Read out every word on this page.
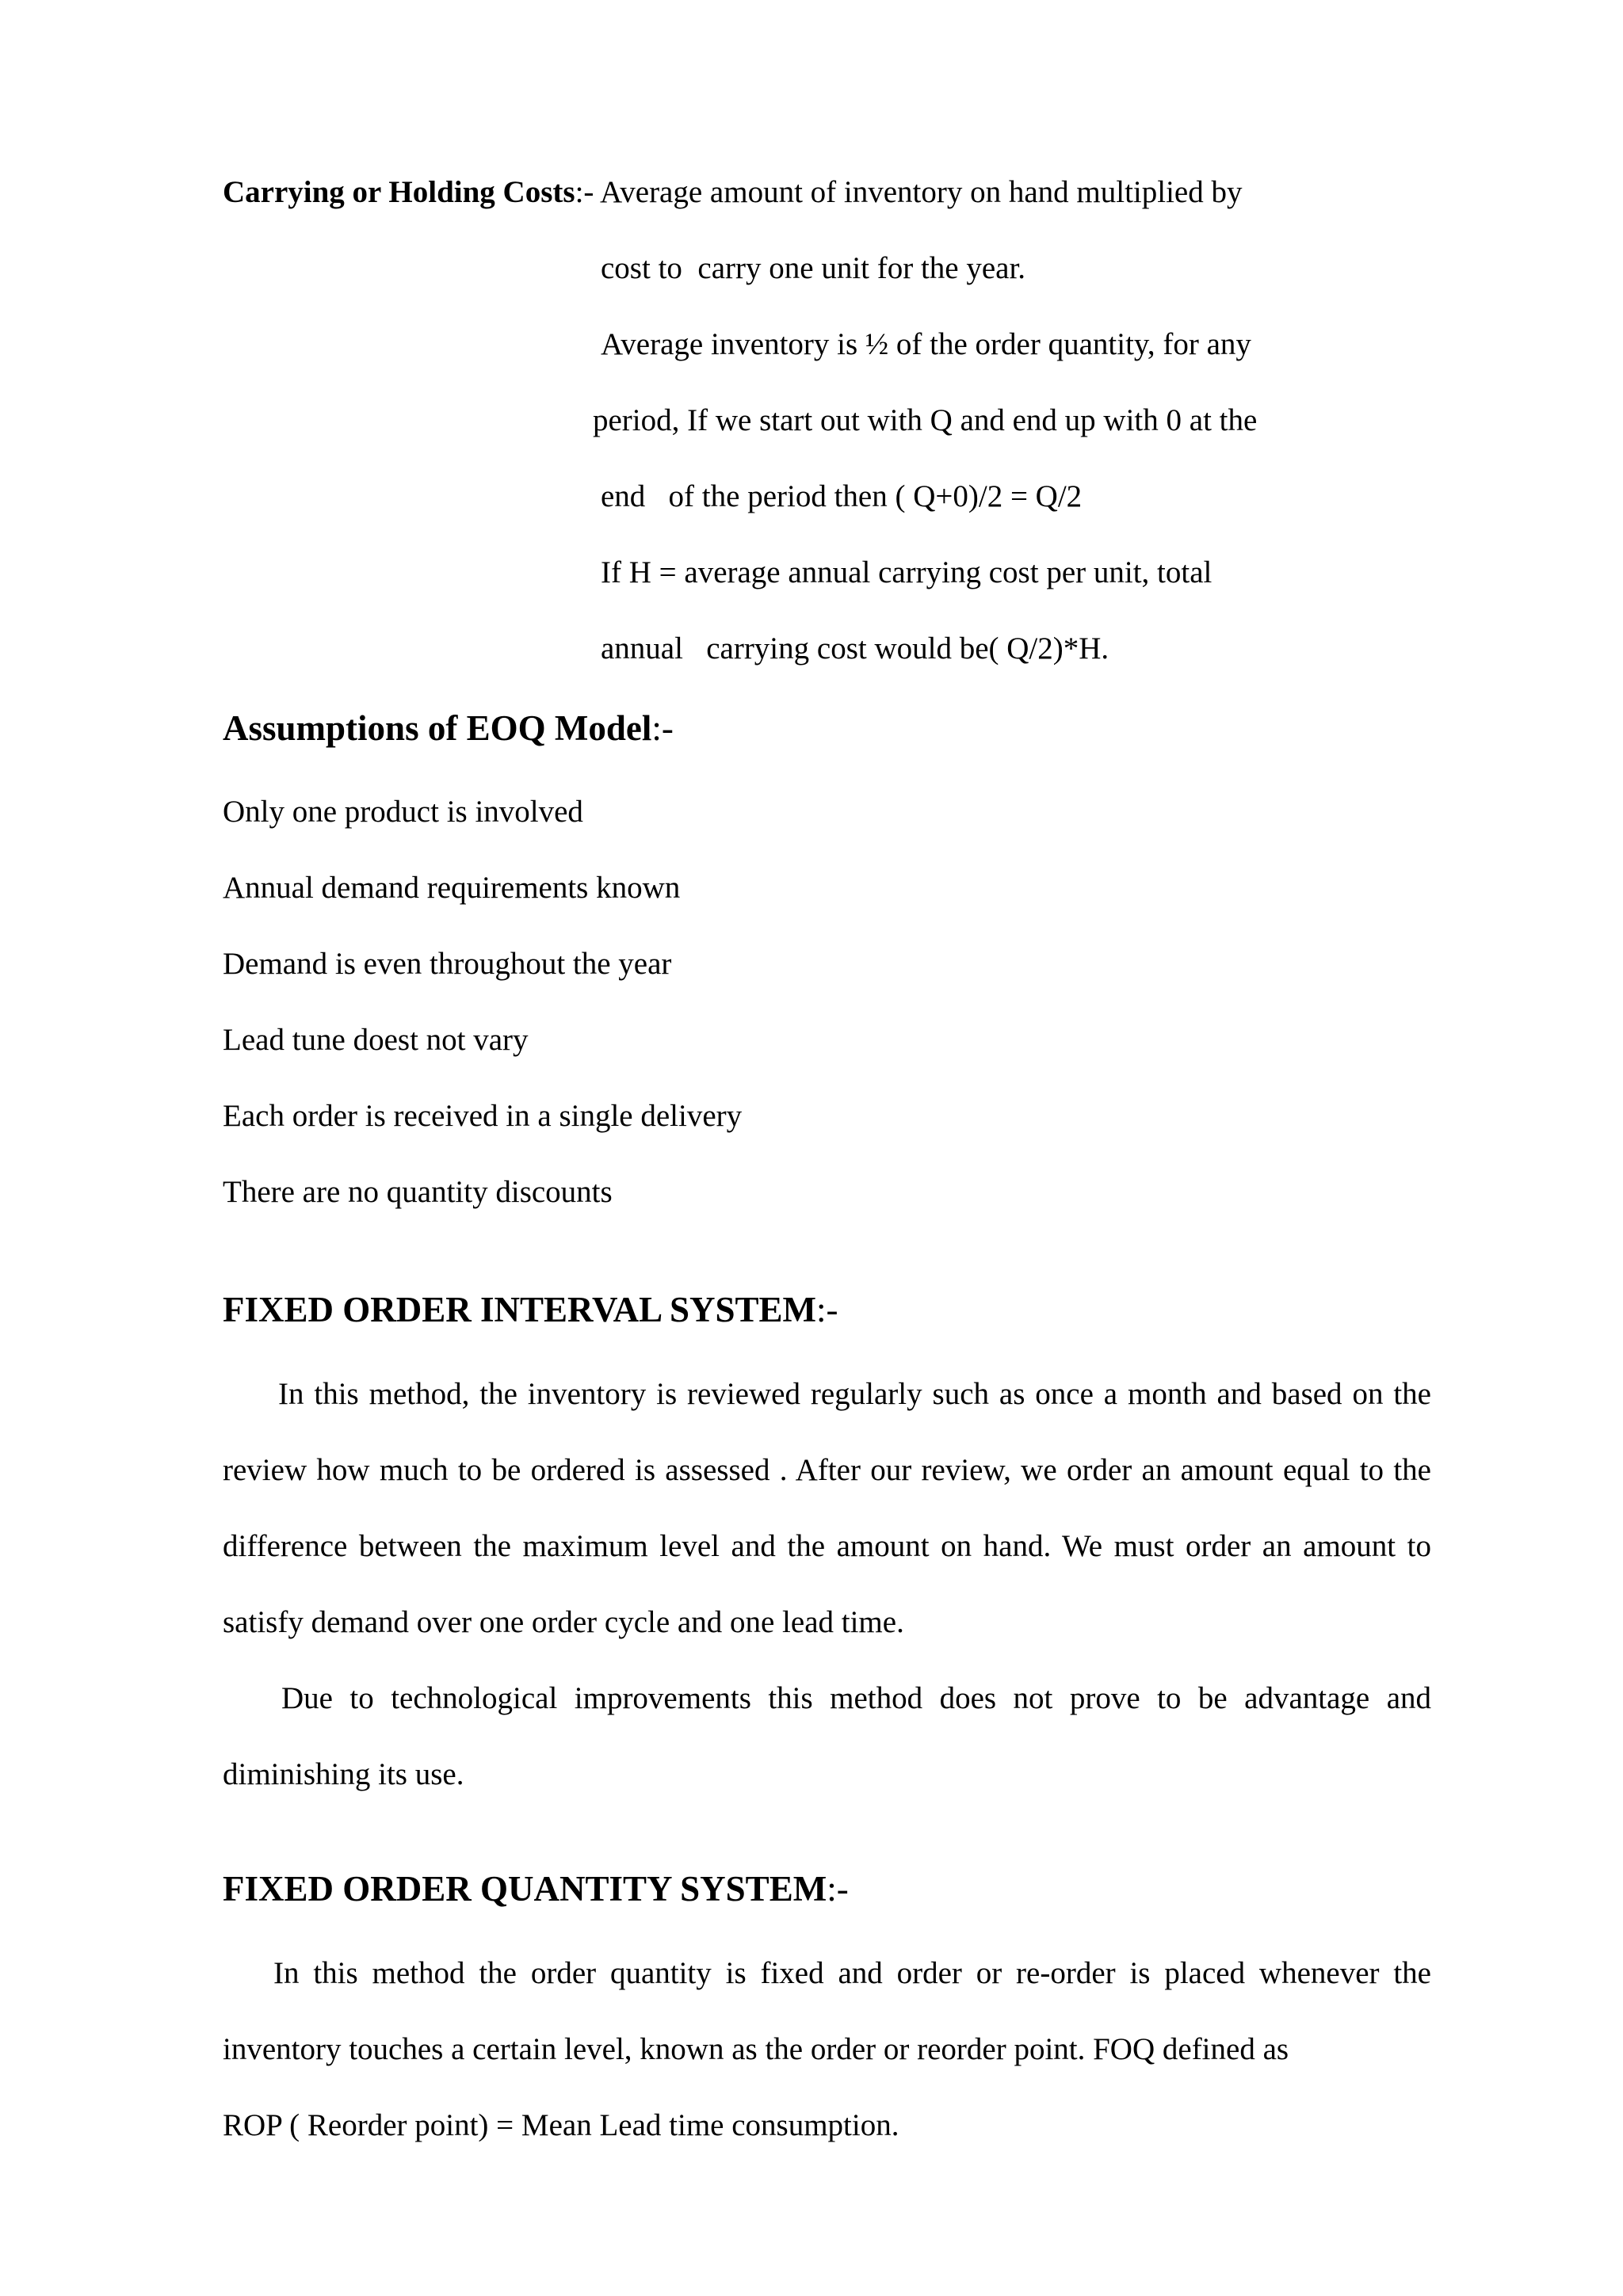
Carrying or Holding Costs:- Average amount of inventory on hand multiplied by
cost to  carry one unit for the year.
Average inventory is ½ of the order quantity, for any
period, If we start out with Q and end up with 0 at the
end   of the period then ( Q+0)/2 = Q/2
If H = average annual carrying cost per unit, total
annual   carrying cost would be( Q/2)*H.
Assumptions of EOQ Model:-
Only one product is involved
Annual demand requirements known
Demand is even throughout the year
Lead tune doest not vary
Each order is received in a single delivery
There are no quantity discounts
FIXED ORDER INTERVAL SYSTEM:-
In this method, the inventory is reviewed regularly such as once a month and based on the review how much to be ordered is assessed . After our review, we order an amount equal to the difference between the maximum level and the amount on hand. We must order an amount to satisfy demand over one order cycle and one lead time.
Due to technological improvements this method does not prove to be advantage and diminishing its use.
FIXED ORDER QUANTITY SYSTEM:-
In this method the order quantity is fixed and order or re-order is placed whenever the inventory touches a certain level, known as the order or reorder point. FOQ defined as
ROP ( Reorder point) = Mean Lead time consumption.
